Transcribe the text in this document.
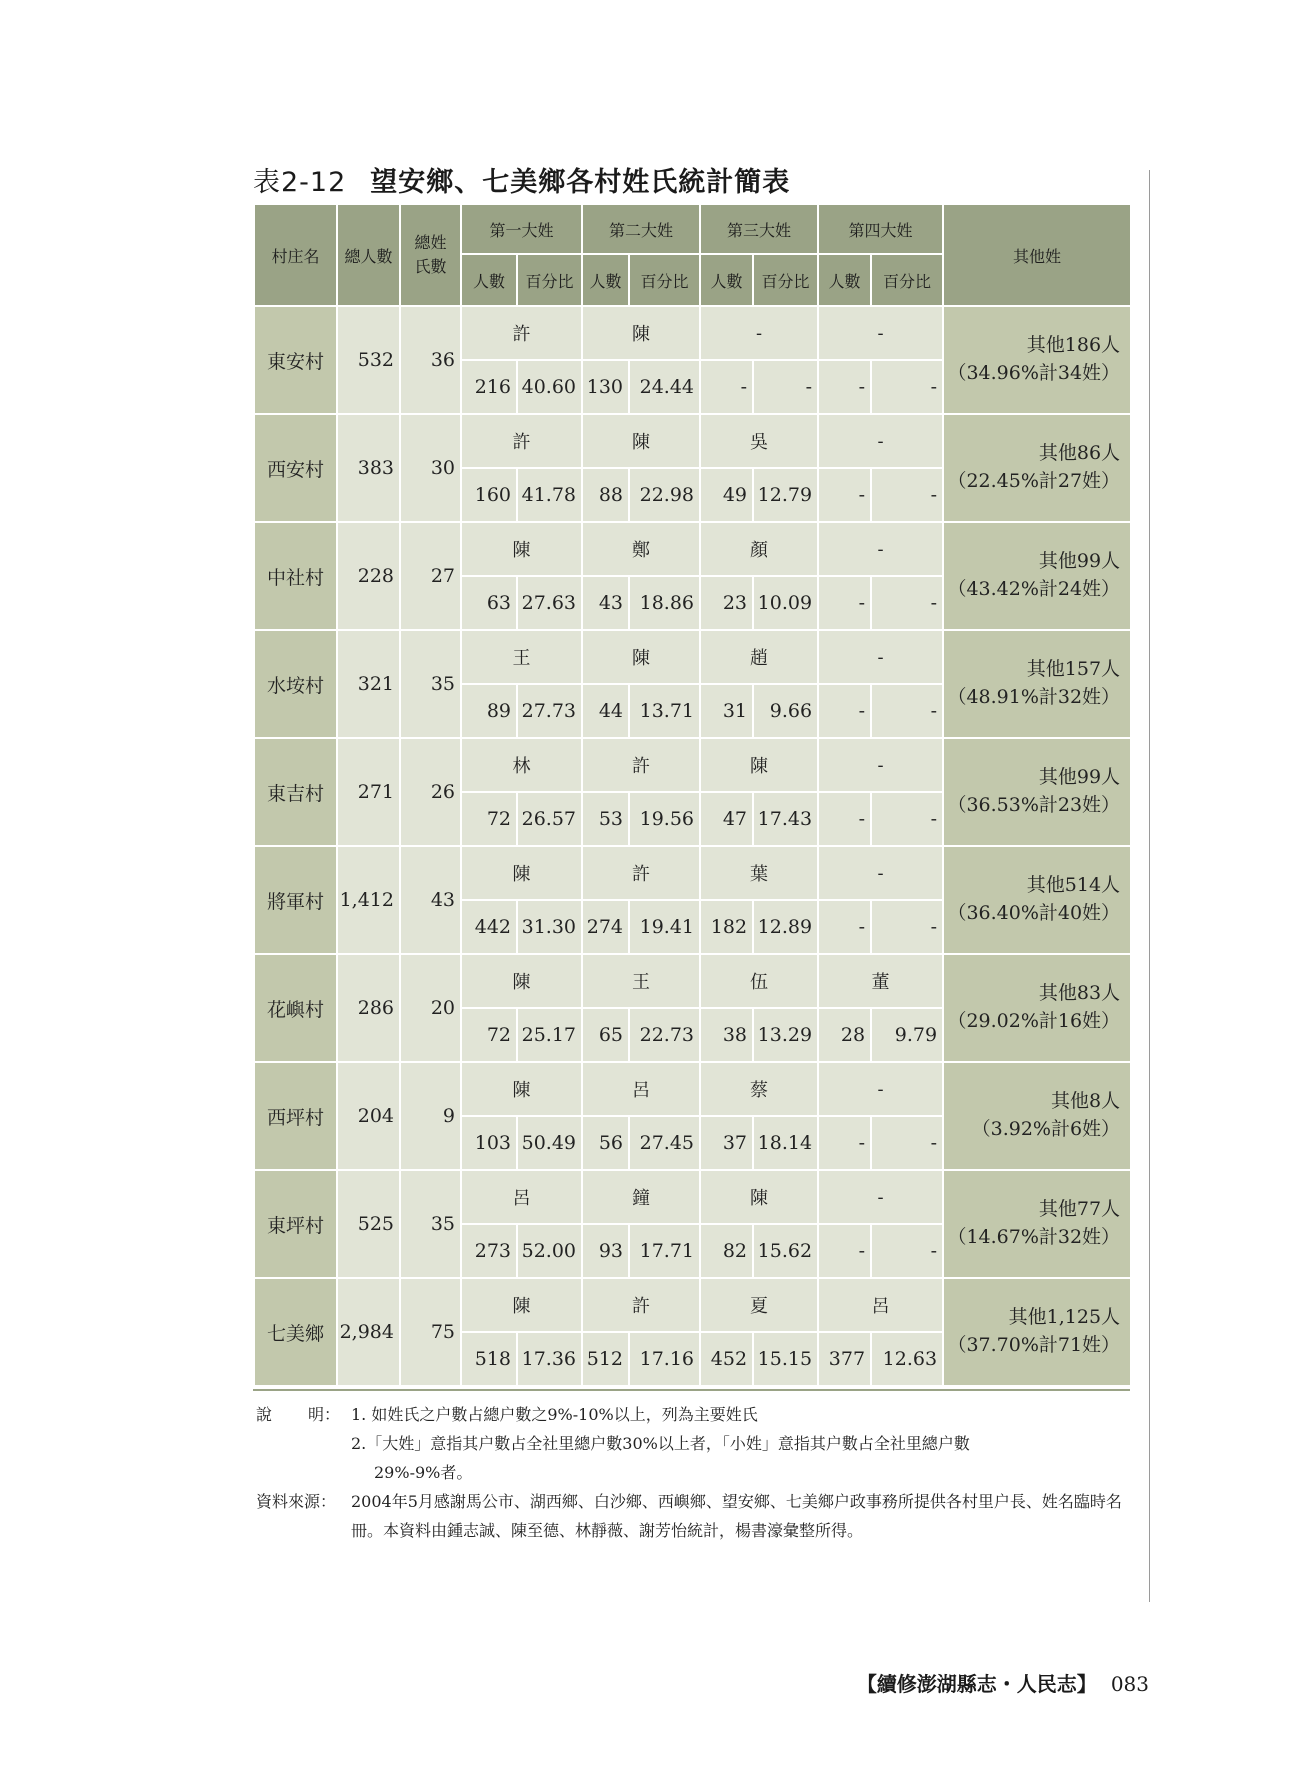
表2-12 望安鄉、七美鄉各村姓氏統計簡表
村庄名	總人數	總姓氏數	第一大姓		第二大姓		第三大姓		第四大姓		其他姓
			人數	百分比	人數	百分比	人數	百分比	人數	百分比	
東安村	532	36	許		陳		-		-		其他186人
（34.96%計34姓）

			216	40.60	130	24.44	-	-	-	-	
西安村	383	30	許		陳		吳		-		其他86人
（22.45%計27姓）

			160	41.78	88	22.98	49	12.79	-	-	
中社村	228	27	陳		鄭		顏		-		其他99人
（43.42%計24姓）

			63	27.63	43	18.86	23	10.09	-	-	
水垵村	321	35	王		陳		趙		-		其他157人
（48.91%計32姓）

			89	27.73	44	13.71	31	9.66	-	-	
東吉村	271	26	林		許		陳		-		其他99人
（36.53%計23姓）

			72	26.57	53	19.56	47	17.43	-	-	
將軍村	1,412	43	陳		許		葉		-		其他514人
（36.40%計40姓）

			442	31.30	274	19.41	182	12.89	-	-	
花嶼村	286	20	陳		王		伍		董		其他83人
（29.02%計16姓）

			72	25.17	65	22.73	38	13.29	28	9.79	
西坪村	204	9	陳		呂		蔡		-		其他8人
（3.92%計6姓）

			103	50.49	56	27.45	37	18.14	-	-	
東坪村	525	35	呂		鐘		陳		-		其他77人
（14.67%計32姓）

			273	52.00	93	17.71	82	15.62	-	-	
七美鄉	2,984	75	陳		許		夏		呂		其他1,125人
（37.70%計71姓）

			518	17.36	512	17.16	452	15.15	377	12.63	
說 明： 1. 如姓氏之户數占總户數之9%-10%以上，列為主要姓氏
2.「大姓」意指其户數占全社里總户數30%以上者，「小姓」意指其户數占全社里總户數
29%-9%者。
資料來源： 2004年5月感謝馬公市、湖西鄉、白沙鄉、西嶼鄉、望安鄉、七美鄉户政事務所提供各村里户長、姓名臨時名冊。本資料由鍾志誠、陳至德、林靜薇、謝芳怡統計，楊書濠彙整所得。
【續修澎湖縣志・人民志】 083
